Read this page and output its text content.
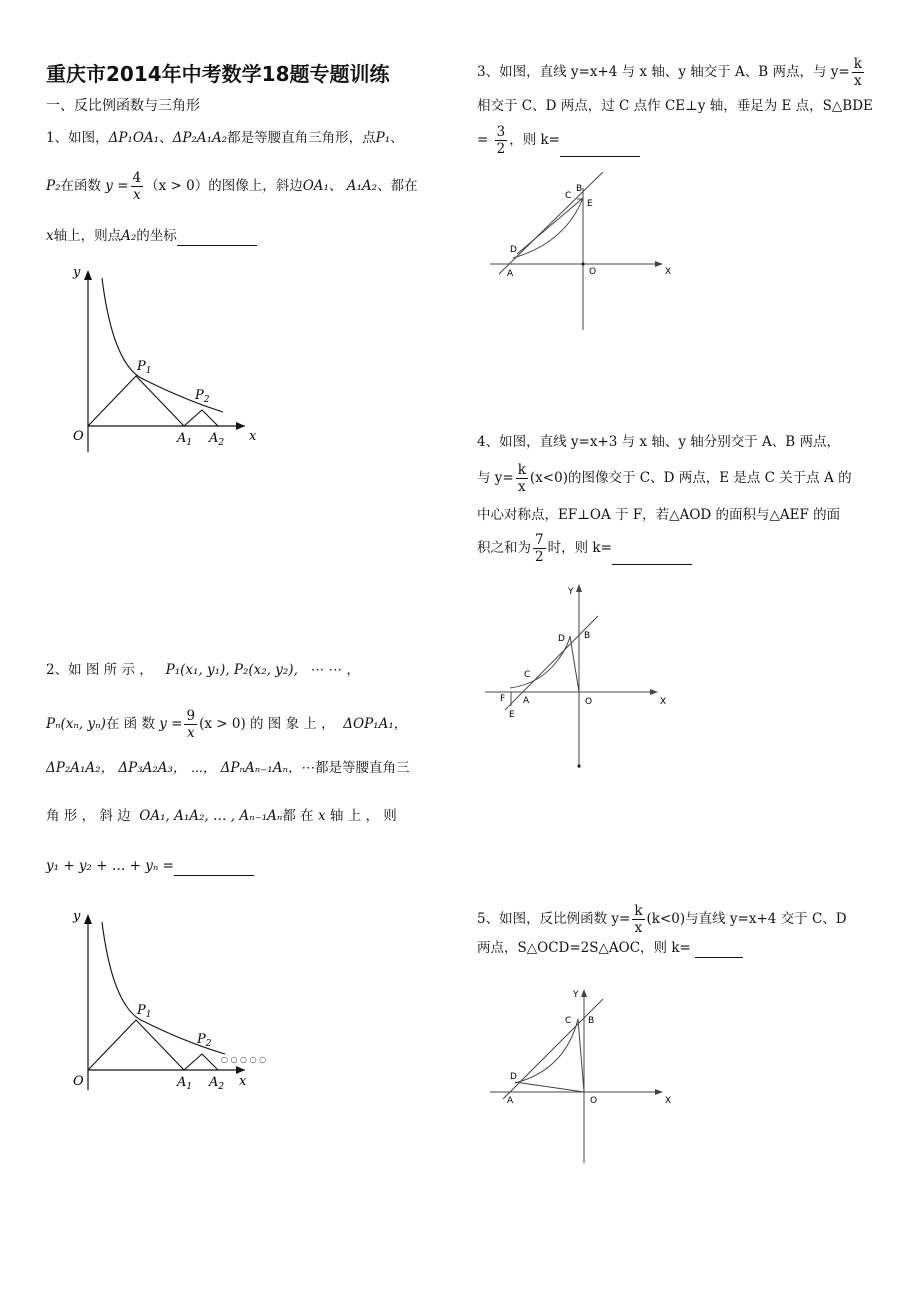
重庆市2014年中考数学18题专题训练
一、反比例函数与三角形
1、如图，ΔP₁OA₁、ΔP₂A₁A₂都是等腰直角三角形，点P₁、
P₂在函数 $y = \frac{4}{x} (x > 0)$的图像上，斜边OA₁、 A₁A₂、都在
x轴上，则点A₂的坐标
y
x
O
$P_1$
$P_2$
$A_1$ $A_2$
2、如 图 所 示 ， P₁(x₁, y₁), P₂(x₂, y₂), ⋯ ⋯ ，
Pₙ(xₙ, yₙ)在 函 数 $y = \frac{9}{x} (x > 0)$ 的 图 象 上 ， ΔOP₁A₁，
ΔP₂A₁A₂， ΔP₃A₂A₃， ⋯， ΔPₙAₙ₋₁Aₙ，⋯都是等腰直角三
角 形 ， 斜 边 OA₁, A₁A₂, … , Aₙ₋₁Aₙ都 在 x 轴 上 ， 则
y₁ + y₂ + … + yₙ =
y
x
O
$P_1$
$P_2$
$A_1$ $A_2$
○ ○ ○ ○ ○
3、如图，直线 y=x+4 与 x 轴、y 轴交于 A、B 两点，与 $y= \frac{k}{x}$
相交于 C、D 两点，过 C 点作 CE⊥y 轴，垂足为 E 点，S△BDE
= $\frac{3}{2}$ ，则 k=
B
C
E
D
A	O	X
4、如图，直线 y=x+3 与 x 轴、y 轴分别交于 A、B 两点，
与 $y= \frac{k}{x} (x<0)$的图像交于 C、D 两点，E 是点 C 关于点 A 的
中心对称点，EF⊥OA 于 F，若△AOD 的面积与△AEF 的面
积之和为 $\frac{7}{2}$ 时，则 k=
Y
D B
C
F A
E
O	X
5、如图，反比例函数 $y= \frac{k}{x} (k<0)$与直线 y=x+4 交于 C、D
两点，S△OCD=2S△AOC，则 k=
Y
C B
D
A	O	X
